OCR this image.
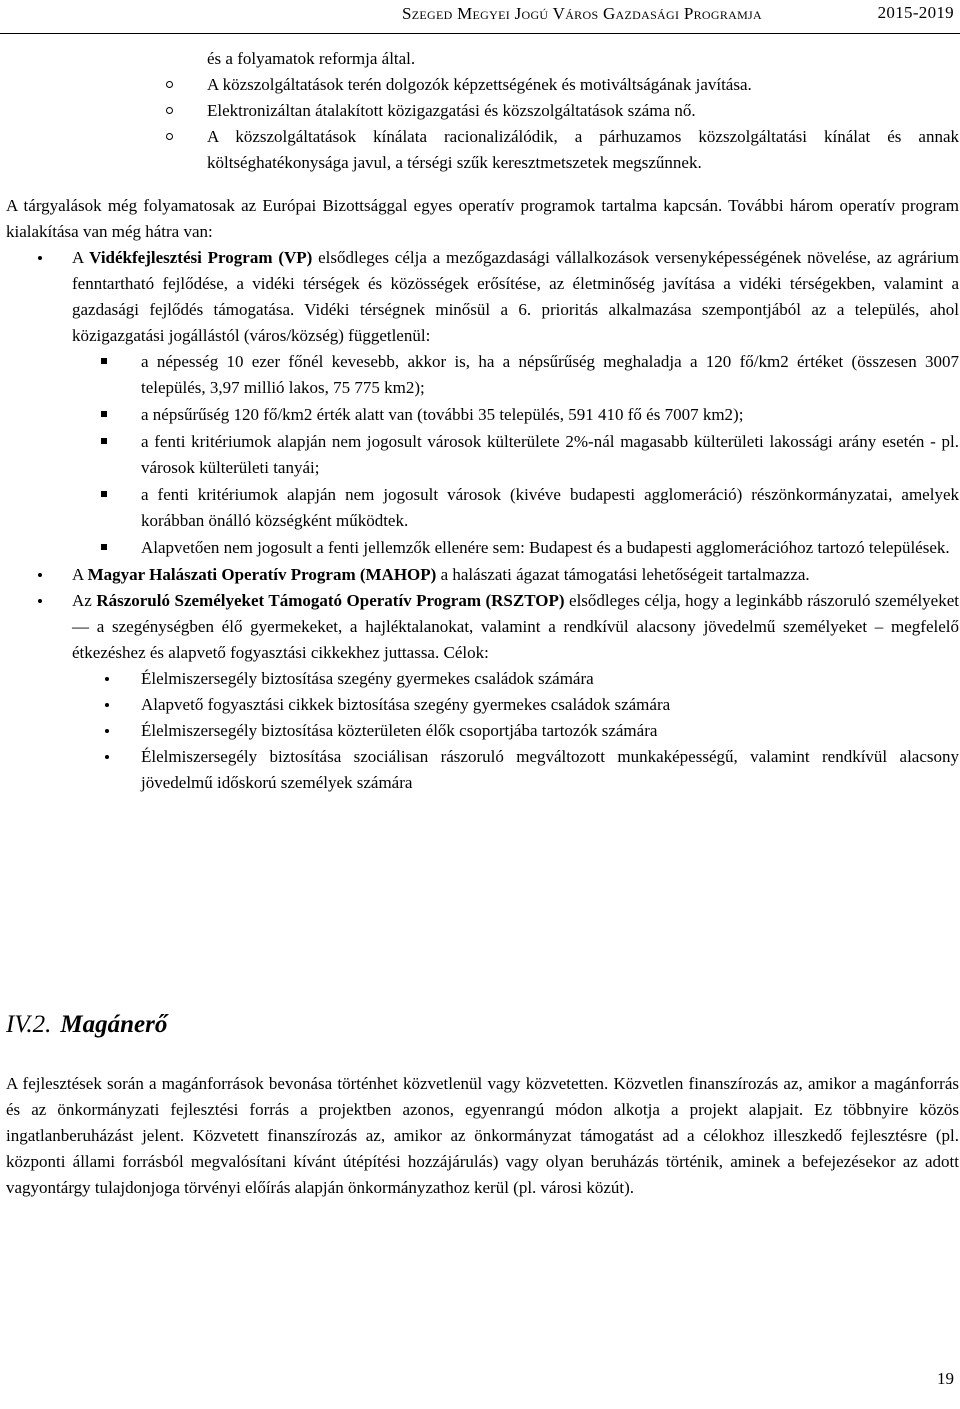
Szeged Megyei Jogú Város Gazdasági Programja	2015-2019
és a folyamatok reformja által.
A közszolgáltatások terén dolgozók képzettségének és motiváltságának javítása.
Elektronizáltan átalakított közigazgatási és közszolgáltatások száma nő.
A közszolgáltatások kínálata racionalizálódik, a párhuzamos közszolgáltatási kínálat és annak költséghatékonysága javul, a térségi szűk keresztmetszetek megszűnnek.

A tárgyalások még folyamatosak az Európai Bizottsággal egyes operatív programok tartalma kapcsán. További három operatív program kialakítása van még hátra van:

A Vidékfejlesztési Program (VP) elsődleges célja a mezőgazdasági vállalkozások versenyképességének növelése, az agrárium fenntartható fejlődése, a vidéki térségek és közösségek erősítése, az életminőség javítása a vidéki térségekben, valamint a gazdasági fejlődés támogatása. Vidéki térségnek minősül a 6. prioritás alkalmazása szempontjából az a település, ahol közigazgatási jogállástól (város/község) függetlenül:
a népesség 10 ezer főnél kevesebb, akkor is, ha a népsűrűség meghaladja a 120 fő/km2 értéket (összesen 3007 település, 3,97 millió lakos, 75 775 km2);
a népsűrűség 120 fő/km2 érték alatt van (további 35 település, 591 410 fő és 7007 km2);
a fenti kritériumok alapján nem jogosult városok külterülete 2%-nál magasabb külterületi lakossági arány esetén - pl. városok külterületi tanyái;
a fenti kritériumok alapján nem jogosult városok (kivéve budapesti agglomeráció) részönkormányzatai, amelyek korábban önálló községként működtek.
Alapvetően nem jogosult a fenti jellemzők ellenére sem: Budapest és a budapesti agglomerációhoz tartozó települések.
A Magyar Halászati Operatív Program (MAHOP) a halászati ágazat támogatási lehetőségeit tartalmazza.
Az Rászoruló Személyeket Támogató Operatív Program (RSZTOP) elsődleges célja, hogy a leginkább rászoruló személyeket — a szegénységben élő gyermekeket, a hajléktalanokat, valamint a rendkívül alacsony jövedelmű személyeket – megfelelő étkezéshez és alapvető fogyasztási cikkekhez juttassa. Célok:
Élelmiszersegély biztosítása szegény gyermekes családok számára
Alapvető fogyasztási cikkek biztosítása szegény gyermekes családok számára
Élelmiszersegély biztosítása közterületen élők csoportjába tartozók számára
Élelmiszersegély biztosítása szociálisan rászoruló megváltozott munkaképességű, valamint rendkívül alacsony jövedelmű időskorú személyek számára
IV.2. Magánerő

A fejlesztések során a magánforrások bevonása történhet közvetlenül vagy közvetetten. Közvetlen finanszírozás az, amikor a magánforrás és az önkormányzati fejlesztési forrás a projektben azonos, egyenrangú módon alkotja a projekt alapjait. Ez többnyire közös ingatlanberuházást jelent. Közvetett finanszírozás az, amikor az önkormányzat támogatást ad a célokhoz illeszkedő fejlesztésre (pl. központi állami forrásból megvalósítani kívánt útépítési hozzájárulás) vagy olyan beruházás történik, aminek a befejezésekor az adott vagyontárgy tulajdonjoga törvényi előírás alapján önkormányzathoz kerül (pl. városi közút).

19
